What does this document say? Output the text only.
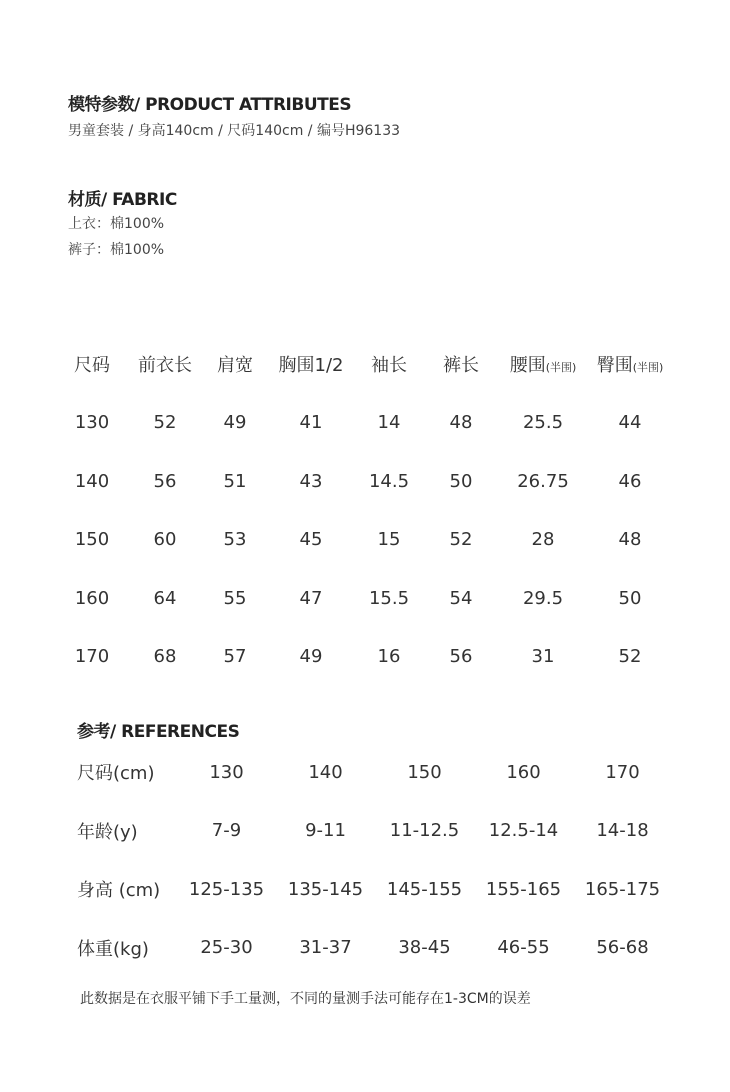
模特参数/ PRODUCT ATTRIBUTES
男童套装 / 身高140cm / 尺码140cm / 编号H96133
材质/ FABRIC
上衣：棉100%
裤子：棉100%
尺码	前衣长	肩宽	胸围1/2	袖长	裤长	腰围(半围)	臀围(半围)
130	52	49	41	14	48	25.5	44
140	56	51	43	14.5	50	26.75	46
150	60	53	45	15	52	28	48
160	64	55	47	15.5	54	29.5	50
170	68	57	49	16	56	31	52
参考/ REFERENCES
尺码(cm)	130	140	150	160	170
年龄(y)	7-9	9-11	11-12.5	12.5-14	14-18
身高 (cm)	125-135	135-145	145-155	155-165	165-175
体重(kg)	25-30	31-37	38-45	46-55	56-68
此数据是在衣服平铺下手工量测，不同的量测手法可能存在1-3CM的误差
